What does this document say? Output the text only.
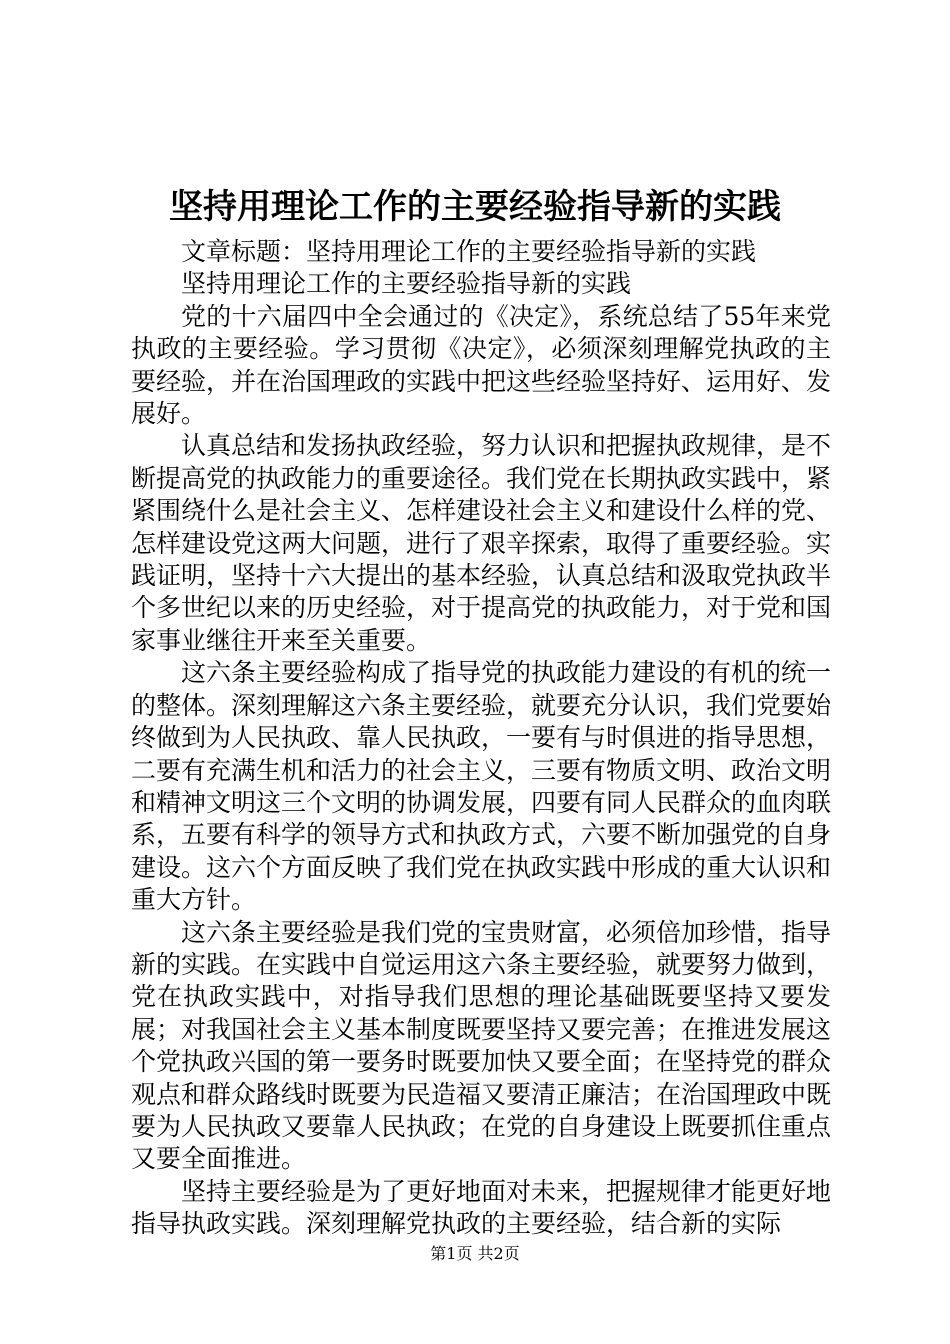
坚持用理论工作的主要经验指导新的实践

文章标题：坚持用理论工作的主要经验指导新的实践

坚持用理论工作的主要经验指导新的实践

党的十六届四中全会通过的《决定》，系统总结了55年来党执政的主要经验。学习贯彻《决定》，必须深刻理解党执政的主要经验，并在治国理政的实践中把这些经验坚持好、运用好、发展好。

认真总结和发扬执政经验，努力认识和把握执政规律，是不断提高党的执政能力的重要途径。我们党在长期执政实践中，紧紧围绕什么是社会主义、怎样建设社会主义和建设什么样的党、怎样建设党这两大问题，进行了艰辛探索，取得了重要经验。实践证明，坚持十六大提出的基本经验，认真总结和汲取党执政半个多世纪以来的历史经验，对于提高党的执政能力，对于党和国家事业继往开来至关重要。

这六条主要经验构成了指导党的执政能力建设的有机的统一的整体。深刻理解这六条主要经验，就要充分认识，我们党要始终做到为人民执政、靠人民执政，一要有与时俱进的指导思想，二要有充满生机和活力的社会主义，三要有物质文明、政治文明和精神文明这三个文明的协调发展，四要有同人民群众的血肉联系，五要有科学的领导方式和执政方式，六要不断加强党的自身建设。这六个方面反映了我们党在执政实践中形成的重大认识和重大方针。

这六条主要经验是我们党的宝贵财富，必须倍加珍惜，指导新的实践。在实践中自觉运用这六条主要经验，就要努力做到，党在执政实践中，对指导我们思想的理论基础既要坚持又要发展；对我国社会主义基本制度既要坚持又要完善；在推进发展这个党执政兴国的第一要务时既要加快又要全面；在坚持党的群众观点和群众路线时既要为民造福又要清正廉洁；在治国理政中既要为人民执政又要靠人民执政；在党的自身建设上既要抓住重点又要全面推进。

坚持主要经验是为了更好地面对未来，把握规律才能更好地指导执政实践。深刻理解党执政的主要经验，结合新的实际

第1页 共2页
